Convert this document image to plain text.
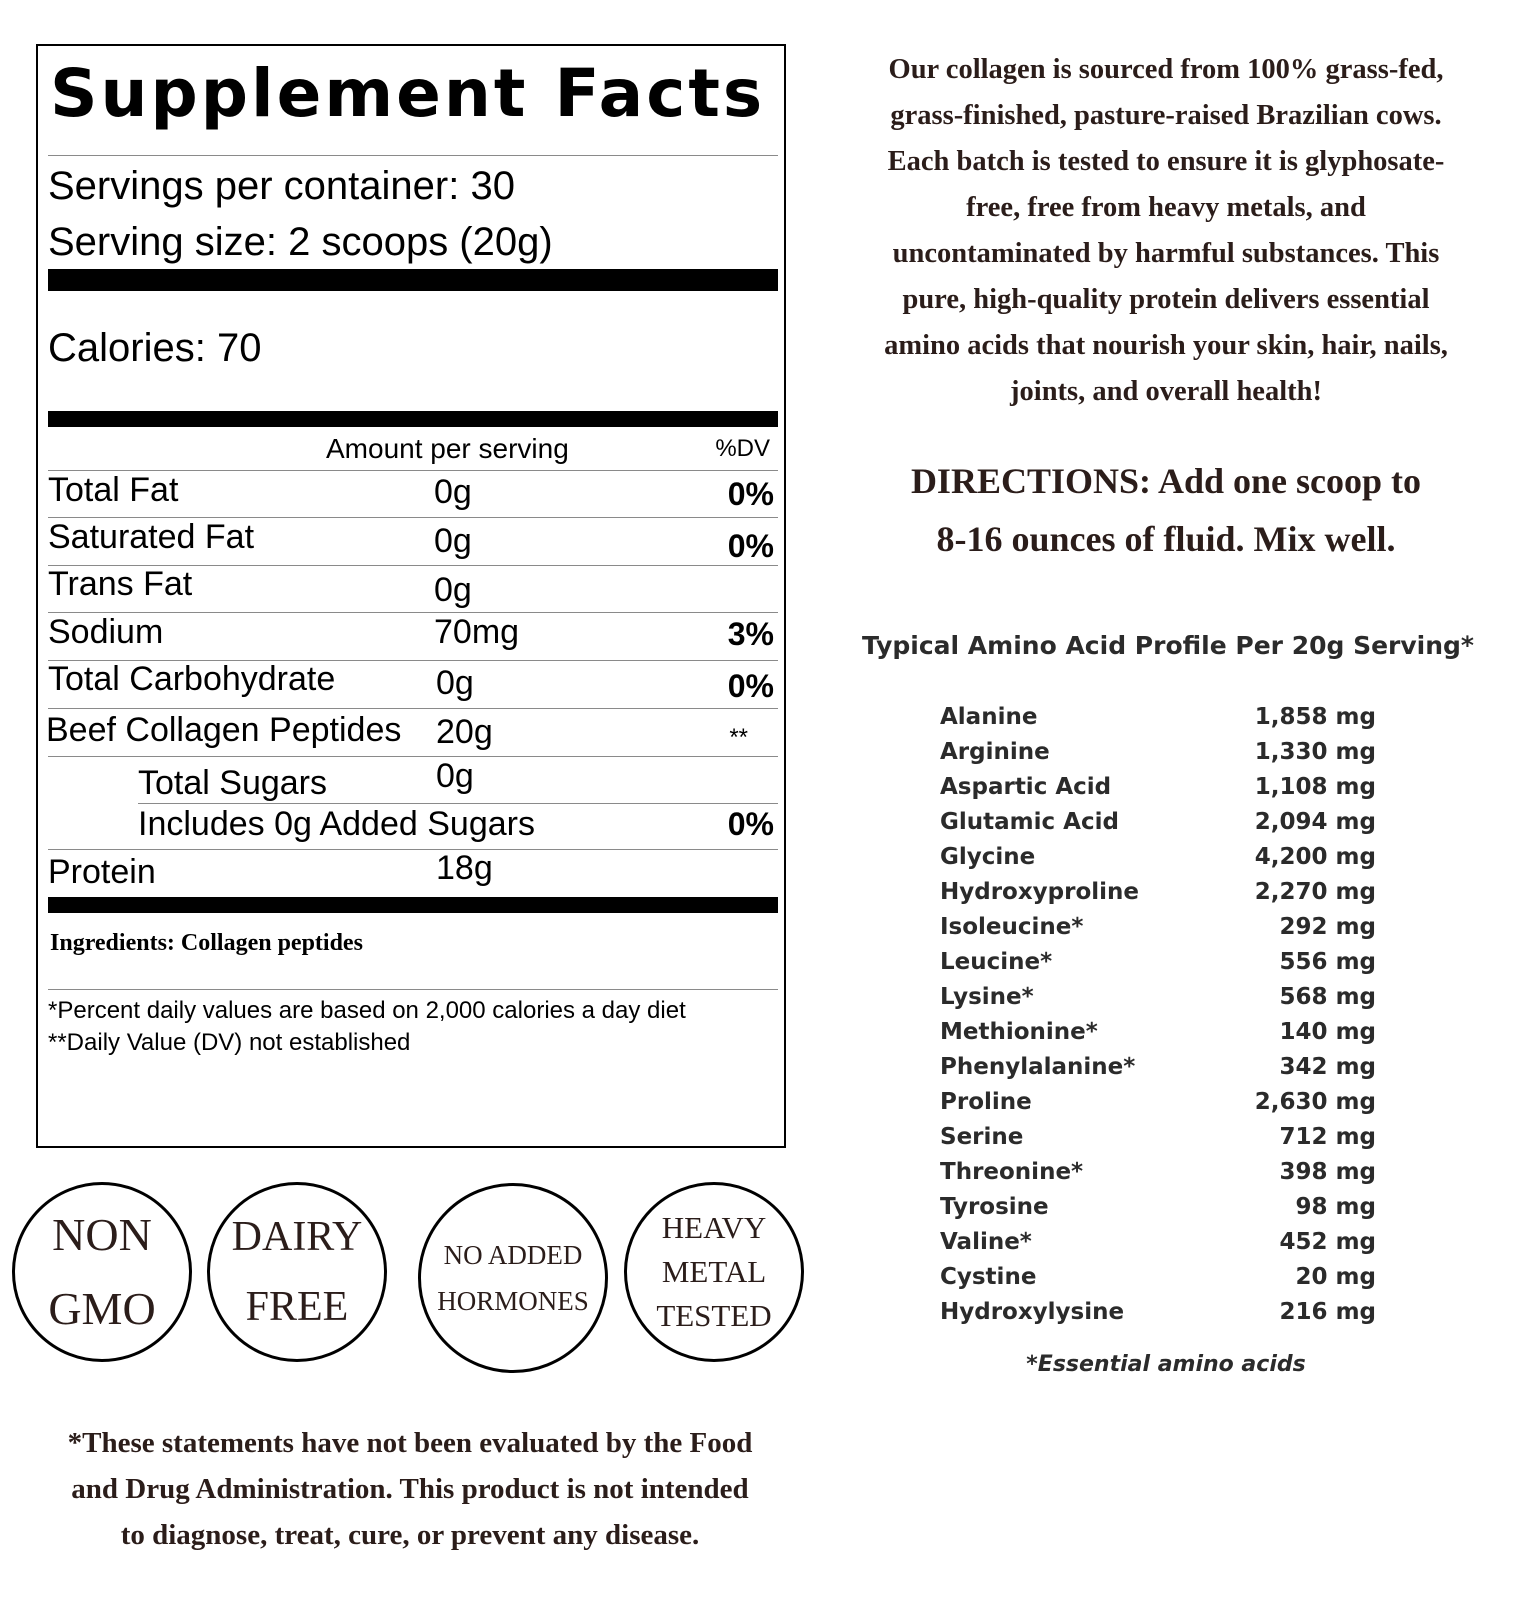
Supplement Facts
Servings per container: 30
Serving size: 2 scoops (20g)
Calories: 70
Amount per serving	%DV
Total Fat	0g	0%
Saturated Fat	0g	0%
Trans Fat	0g
Sodium	70mg	3%
Total Carbohydrate	0g	0%
Beef Collagen Peptides 20g	**
Total Sugars	0g
Includes 0g Added Sugars	0%
Protein	18g
Ingredients: Collagen peptides
*Percent daily values are based on 2,000 calories a day diet
**Daily Value (DV) not established
NON
GMO
DAIRY
FREE
NO ADDED
HORMONES
HEAVY
METAL
TESTED
*These statements have not been evaluated by the Food
and Drug Administration. This product is not intended
to diagnose, treat, cure, or prevent any disease.
Our collagen is sourced from 100% grass-fed,
grass-finished, pasture-raised Brazilian cows.
Each batch is tested to ensure it is glyphosate-
free, free from heavy metals, and
uncontaminated by harmful substances. This
pure, high-quality protein delivers essential
amino acids that nourish your skin, hair, nails,
joints, and overall health!
DIRECTIONS: Add one scoop to
8-16 ounces of fluid. Mix well.
Typical Amino Acid Profile Per 20g Serving*
Alanine	1,858 mg
Arginine	1,330 mg
Aspartic Acid	1,108 mg
Glutamic Acid	2,094 mg
Glycine	4,200 mg
Hydroxyproline	2,270 mg
Isoleucine*	292 mg
Leucine*	556 mg
Lysine*	568 mg
Methionine*	140 mg
Phenylalanine*	342 mg
Proline	2,630 mg
Serine	712 mg
Threonine*	398 mg
Tyrosine	98 mg
Valine*	452 mg
Cystine	20 mg
Hydroxylysine	216 mg
*Essential amino acids
